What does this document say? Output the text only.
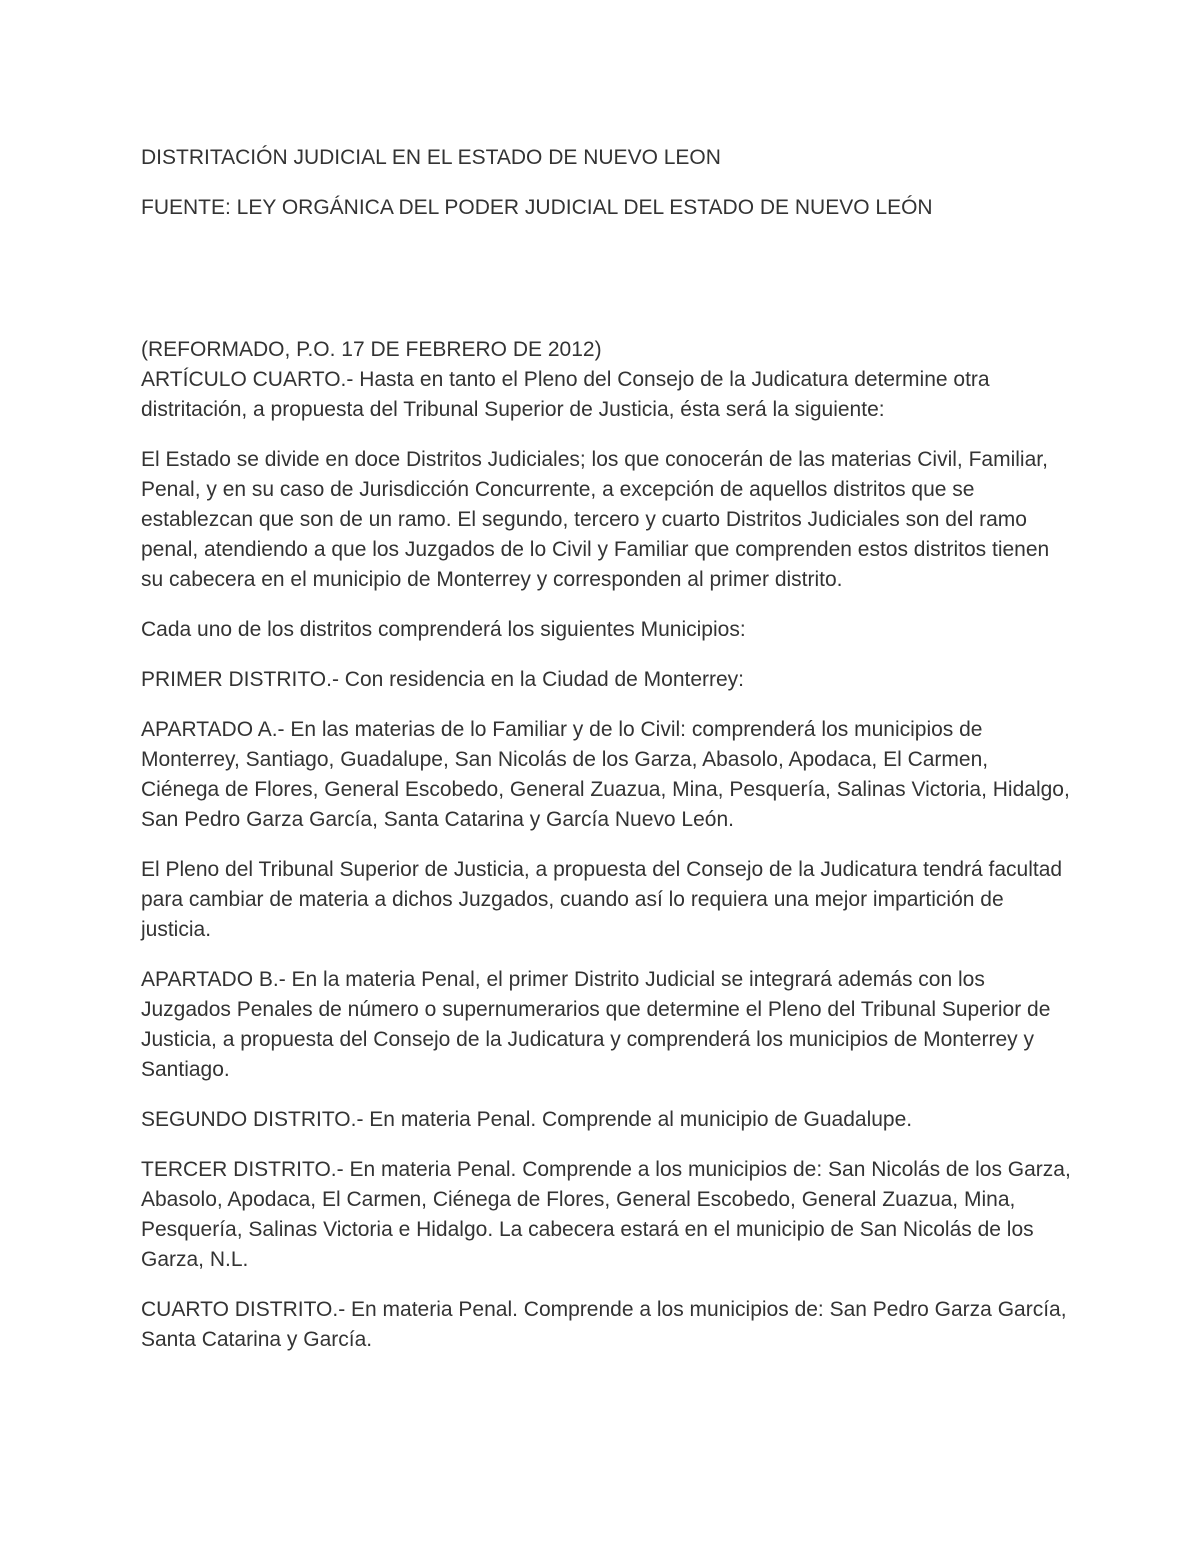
DISTRITACIÓN JUDICIAL EN EL ESTADO DE NUEVO LEON

FUENTE: LEY ORGÁNICA DEL PODER JUDICIAL DEL ESTADO DE NUEVO LEÓN

(REFORMADO, P.O. 17 DE FEBRERO DE 2012)

ARTÍCULO CUARTO.- Hasta en tanto el Pleno del Consejo de la Judicatura determine otra distritación, a propuesta del Tribunal Superior de Justicia, ésta será la siguiente:

El Estado se divide en doce Distritos Judiciales; los que conocerán de las materias Civil, Familiar, Penal, y en su caso de Jurisdicción Concurrente, a excepción de aquellos distritos que se establezcan que son de un ramo. El segundo, tercero y cuarto Distritos Judiciales son del ramo penal, atendiendo a que los Juzgados de lo Civil y Familiar que comprenden estos distritos tienen su cabecera en el municipio de Monterrey y corresponden al primer distrito.

Cada uno de los distritos comprenderá los siguientes Municipios:

PRIMER DISTRITO.- Con residencia en la Ciudad de Monterrey:

APARTADO A.- En las materias de lo Familiar y de lo Civil: comprenderá los municipios de Monterrey, Santiago, Guadalupe, San Nicolás de los Garza, Abasolo, Apodaca, El Carmen, Ciénega de Flores, General Escobedo, General Zuazua, Mina, Pesquería, Salinas Victoria, Hidalgo, San Pedro Garza García, Santa Catarina y García Nuevo León.

El Pleno del Tribunal Superior de Justicia, a propuesta del Consejo de la Judicatura tendrá facultad para cambiar de materia a dichos Juzgados, cuando así lo requiera una mejor impartición de justicia.

APARTADO B.- En la materia Penal, el primer Distrito Judicial se integrará además con los Juzgados Penales de número o supernumerarios que determine el Pleno del Tribunal Superior de Justicia, a propuesta del Consejo de la Judicatura y comprenderá los municipios de Monterrey y Santiago.

SEGUNDO DISTRITO.- En materia Penal. Comprende al municipio de Guadalupe.

TERCER DISTRITO.- En materia Penal. Comprende a los municipios de: San Nicolás de los Garza, Abasolo, Apodaca, El Carmen, Ciénega de Flores, General Escobedo, General Zuazua, Mina, Pesquería, Salinas Victoria e Hidalgo. La cabecera estará en el municipio de San Nicolás de los Garza, N.L.

CUARTO DISTRITO.- En materia Penal. Comprende a los municipios de: San Pedro Garza García, Santa Catarina y García.
